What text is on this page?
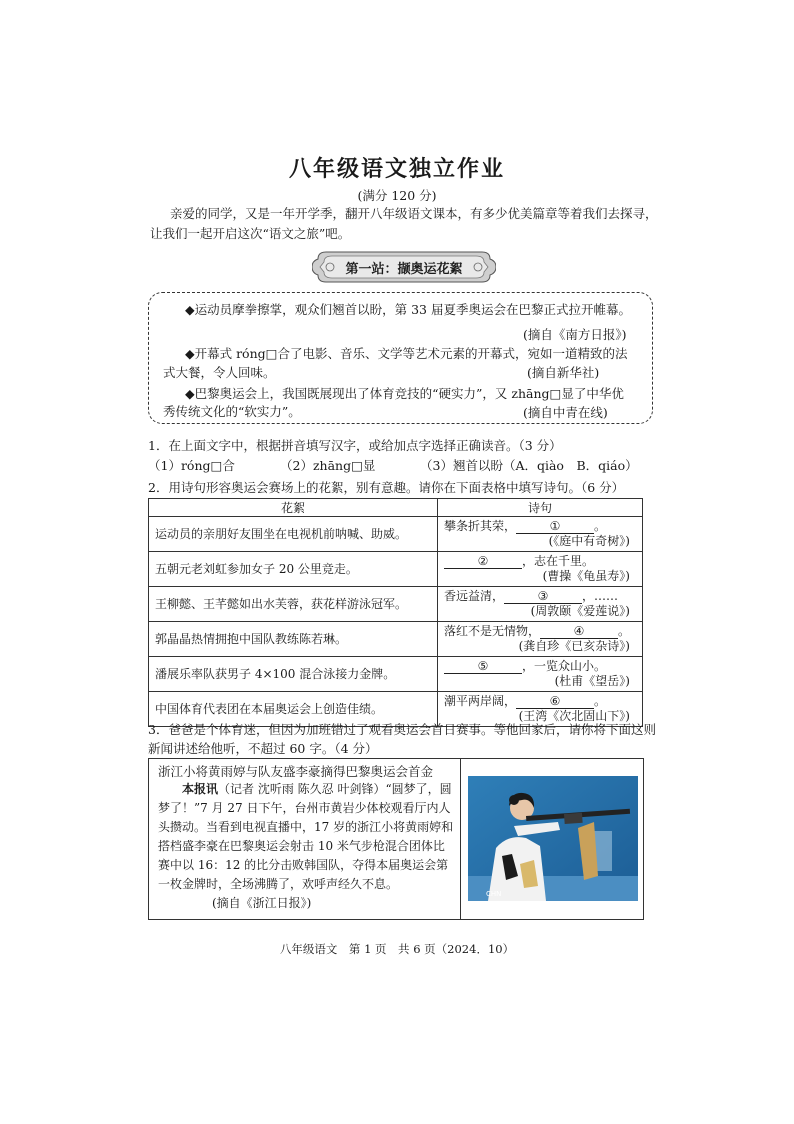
八年级语文独立作业
(满分 120 分)
亲爱的同学，又是一年开学季，翻开八年级语文课本，有多少优美篇章等着我们去探寻，
让我们一起开启这次“语文之旅”吧。
第一站：撷奥运花絮
◆运动员摩拳擦掌，观众们翘首以盼，第 33 届夏季奥运会在巴黎正式拉开帷幕。
(摘自《南方日报》)
◆开幕式 róng□合了电影、音乐、文学等艺术元素的开幕式，宛如一道精致的法
式大餐，令人回味。	(摘自新华社)
◆巴黎奥运会上，我国既展现出了体育竞技的“硬实力”，又 zhāng□显了中华优
秀传统文化的“软实力”。	(摘自中青在线)
1．在上面文字中，根据拼音填写汉字，或给加点字选择正确读音。（3 分）
（1）róng□合	（2）zhāng□显	（3）翘首以盼（A．qiào　B．qiáo）
2．用诗句形容奥运会赛场上的花絮，别有意趣。请你在下面表格中填写诗句。（6 分）
花絮	诗句
运动员的亲朋好友围坐在电视机前呐喊、助威。	攀条折其荣， ① 。
(《庭中有奇树》)

五朝元老刘虹参加女子 20 公里竞走。	② ，志在千里。
(曹操《龟虽寿》)

王柳懿、王芊懿如出水芙蓉，获花样游泳冠军。	香远益清， ③ ，……
(周敦颐《爱莲说》)

郭晶晶热情拥抱中国队教练陈若琳。	落红不是无情物， ④ 。
(龚自珍《已亥杂诗》)

潘展乐率队获男子 4×100 混合泳接力金牌。	⑤ ，一览众山小。
(杜甫《望岳》)

中国体育代表团在本届奥运会上创造佳绩。	潮平两岸阔， ⑥ 。
(王湾《次北固山下》)
3．爸爸是个体育迷，但因为加班错过了观看奥运会首日赛事。等他回家后，请你将下面这则
新闻讲述给他听，不超过 60 字。（4 分）
浙江小将黄雨婷与队友盛李豪摘得巴黎奥运会首金
本报讯（记者 沈听雨 陈久忍 叶剑锋）“圆梦了，圆梦了！”7 月 27 日下午，台州市黄岩少体校观看厅内人头攒动。当看到电视直播中，17 岁的浙江小将黄雨婷和搭档盛李豪在巴黎奥运会射击 10 米气步枪混合团体比赛中以 16：12 的比分击败韩国队，夺得本届奥运会第一枚金牌时，全场沸腾了，欢呼声经久不息。(摘自《浙江日报》)
CHN
八年级语文　第 1 页　共 6 页（2024．10）
